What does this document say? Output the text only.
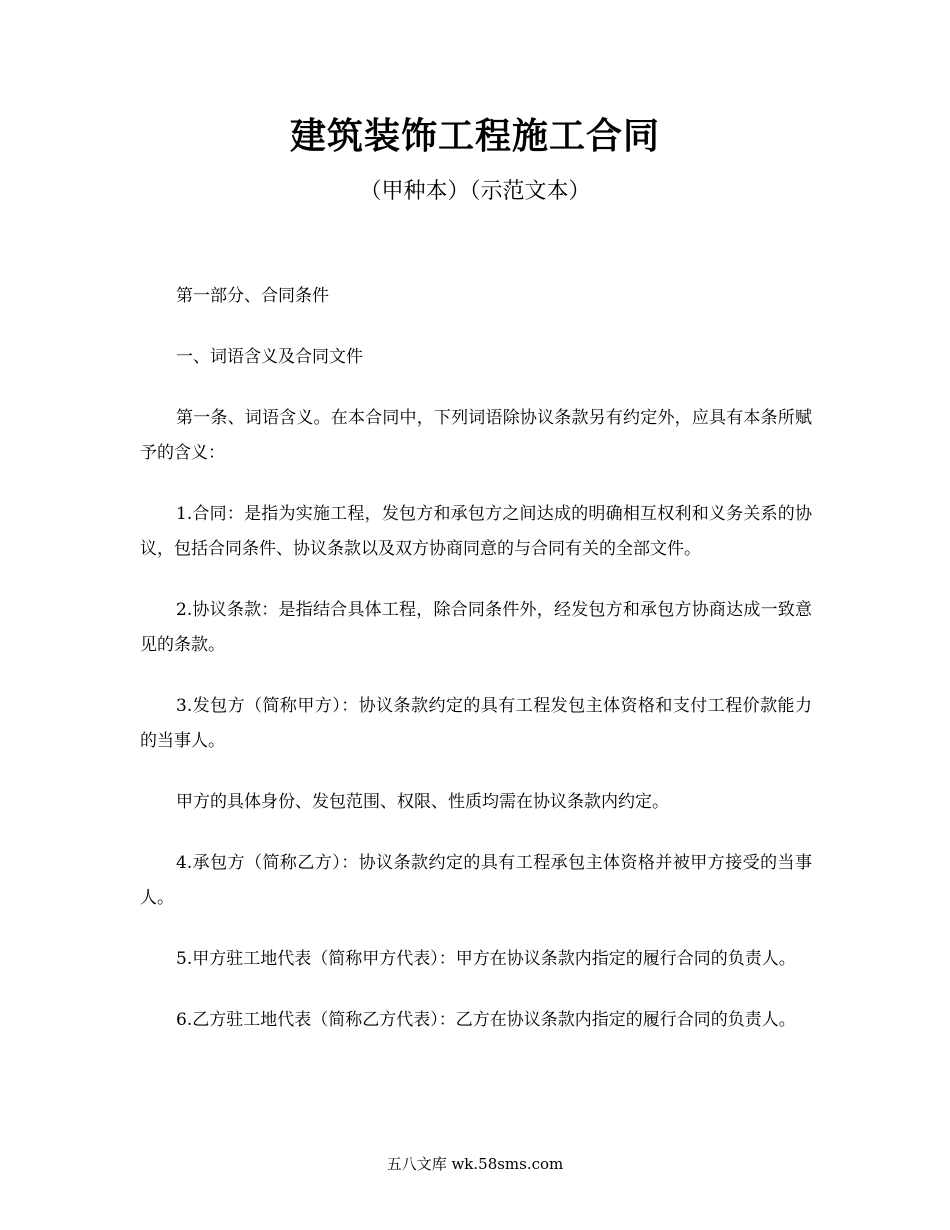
建筑装饰工程施工合同
（甲种本）（示范文本）

第一部分、合同条件

一、词语含义及合同文件

第一条、词语含义。在本合同中，下列词语除协议条款另有约定外，应具有本条所赋予的含义：

1.合同：是指为实施工程，发包方和承包方之间达成的明确相互权利和义务关系的协议，包括合同条件、协议条款以及双方协商同意的与合同有关的全部文件。

2.协议条款：是指结合具体工程，除合同条件外，经发包方和承包方协商达成一致意见的条款。

3.发包方（简称甲方）：协议条款约定的具有工程发包主体资格和支付工程价款能力的当事人。

甲方的具体身份、发包范围、权限、性质均需在协议条款内约定。

4.承包方（简称乙方）：协议条款约定的具有工程承包主体资格并被甲方接受的当事人。

5.甲方驻工地代表（简称甲方代表）：甲方在协议条款内指定的履行合同的负责人。

6.乙方驻工地代表（简称乙方代表）：乙方在协议条款内指定的履行合同的负责人。

五八文库 wk.58sms.com
